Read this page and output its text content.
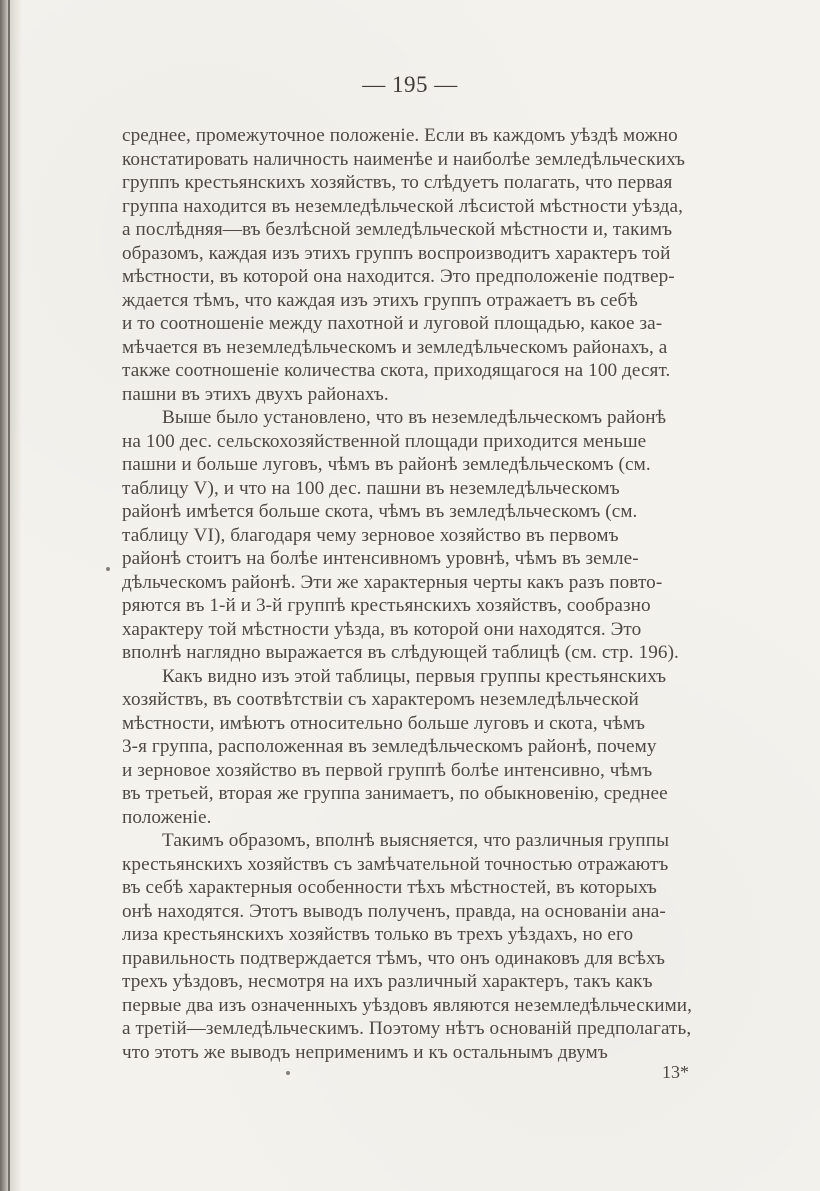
— 195 —
среднее, промежуточное положеніе. Если въ каждомъ уѣздѣ можно
констатировать наличность наименѣе и наиболѣе земледѣльческихъ
группъ крестьянскихъ хозяйствъ, то слѣдуетъ полагать, что первая
группа находится въ неземледѣльческой лѣсистой мѣстности уѣзда,
а послѣдняя—въ безлѣсной земледѣльческой мѣстности и, такимъ
образомъ, каждая изъ этихъ группъ воспроизводитъ характеръ той
мѣстности, въ которой она находится. Это предположеніе подтвер-
ждается тѣмъ, что каждая изъ этихъ группъ отражаетъ въ себѣ
и то соотношеніе между пахотной и луговой площадью, какое за-
мѣчается въ неземледѣльческомъ и земледѣльческомъ районахъ, а
также соотношеніе количества скота, приходящагося на 100 десят.
пашни въ этихъ двухъ районахъ.
Выше было установлено, что въ неземледѣльческомъ районѣ
на 100 дес. сельскохозяйственной площади приходится меньше
пашни и больше луговъ, чѣмъ въ районѣ земледѣльческомъ (см.
таблицу V), и что на 100 дес. пашни въ неземледѣльческомъ
районѣ имѣется больше скота, чѣмъ въ земледѣльческомъ (см.
таблицу VI), благодаря чему зерновое хозяйство въ первомъ
районѣ стоитъ на болѣе интенсивномъ уровнѣ, чѣмъ въ земле-
дѣльческомъ районѣ. Эти же характерныя черты какъ разъ повто-
ряются въ 1-й и 3-й группѣ крестьянскихъ хозяйствъ, сообразно
характеру той мѣстности уѣзда, въ которой они находятся. Это
вполнѣ наглядно выражается въ слѣдующей таблицѣ (см. стр. 196).
Какъ видно изъ этой таблицы, первыя группы крестьянскихъ
хозяйствъ, въ соотвѣтствіи съ характеромъ неземледѣльческой
мѣстности, имѣютъ относительно больше луговъ и скота, чѣмъ
3-я группа, расположенная въ земледѣльческомъ районѣ, почему
и зерновое хозяйство въ первой группѣ болѣе интенсивно, чѣмъ
въ третьей, вторая же группа занимаетъ, по обыкновенію, среднее
положеніе.
Такимъ образомъ, вполнѣ выясняется, что различныя группы
крестьянскихъ хозяйствъ съ замѣчательной точностью отражаютъ
въ себѣ характерныя особенности тѣхъ мѣстностей, въ которыхъ
онѣ находятся. Этотъ выводъ полученъ, правда, на основаніи ана-
лиза крестьянскихъ хозяйствъ только въ трехъ уѣздахъ, но его
правильность подтверждается тѣмъ, что онъ одинаковъ для всѣхъ
трехъ уѣздовъ, несмотря на ихъ различный характеръ, такъ какъ
первые два изъ означенныхъ уѣздовъ являются неземледѣльческими,
а третій—земледѣльческимъ. Поэтому нѣтъ основаній предполагать,
что этотъ же выводъ неприменимъ и къ остальнымъ двумъ
13*
